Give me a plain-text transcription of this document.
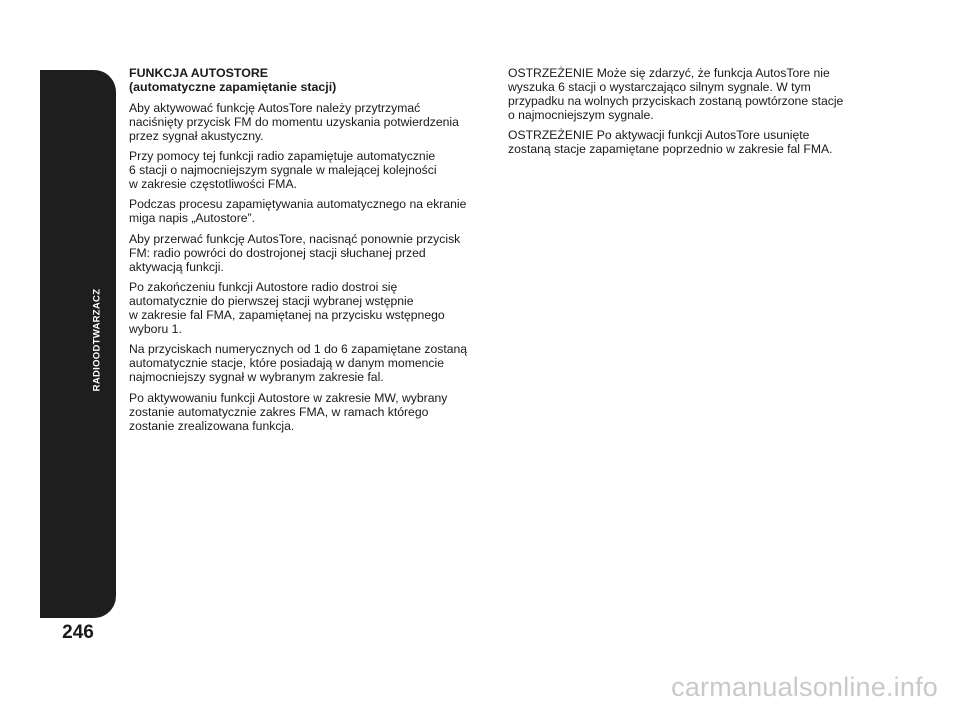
RADIOODTWARZACZ
246
FUNKCJA AUTOSTORE
(automatyczne zapamiętanie stacji)
Aby aktywować funkcję AutosTore należy przytrzymać
naciśnięty przycisk FM do momentu uzyskania potwierdzenia
przez sygnał akustyczny.
Przy pomocy tej funkcji radio zapamiętuje automatycznie
6 stacji o najmocniejszym sygnale w malejącej kolejności
w zakresie częstotliwości FMA.
Podczas procesu zapamiętywania automatycznego na ekranie
miga napis „Autostore”.
Aby przerwać funkcję AutosTore, nacisnąć ponownie przycisk
FM: radio powróci do dostrojonej stacji słuchanej przed
aktywacją funkcji.
Po zakończeniu funkcji Autostore radio dostroi się
automatycznie do pierwszej stacji wybranej wstępnie
w zakresie fal FMA, zapamiętanej na przycisku wstępnego
wyboru 1.
Na przyciskach numerycznych od 1 do 6 zapamiętane zostaną
automatycznie stacje, które posiadają w danym momencie
najmocniejszy sygnał w wybranym zakresie fal.
Po aktywowaniu funkcji Autostore w zakresie MW, wybrany
zostanie automatycznie zakres FMA, w ramach którego
zostanie zrealizowana funkcja.
OSTRZEŻENIE Może się zdarzyć, że funkcja AutosTore nie
wyszuka 6 stacji o wystarczająco silnym sygnale. W tym
przypadku na wolnych przyciskach zostaną powtórzone stacje
o najmocniejszym sygnale.
OSTRZEŻENIE Po aktywacji funkcji AutosTore usunięte
zostaną stacje zapamiętane poprzednio w zakresie fal FMA.
carmanualsonline.info
